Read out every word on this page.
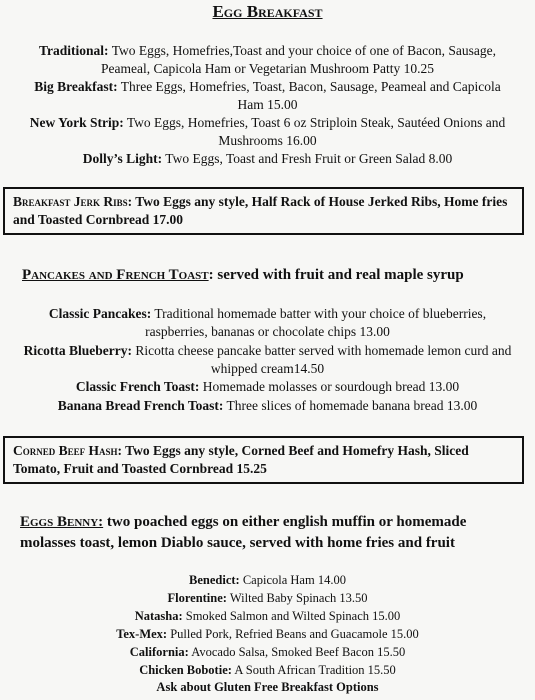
Egg Breakfast
Traditional: Two Eggs, Homefries,Toast and your choice of one of Bacon, Sausage, Peameal, Capicola Ham or Vegetarian Mushroom Patty 10.25
Big Breakfast: Three Eggs, Homefries, Toast, Bacon, Sausage, Peameal and Capicola Ham 15.00
New York Strip: Two Eggs, Homefries, Toast 6 oz Striploin Steak, Sautéed Onions and Mushrooms 16.00
Dolly’s Light: Two Eggs, Toast and Fresh Fruit or Green Salad 8.00
Breakfast Jerk Ribs: Two Eggs any style, Half Rack of House Jerked Ribs, Home fries and Toasted Cornbread 17.00
Pancakes and French Toast: served with fruit and real maple syrup
Classic Pancakes: Traditional homemade batter with your choice of blueberries, raspberries, bananas or chocolate chips 13.00
Ricotta Blueberry: Ricotta cheese pancake batter served with homemade lemon curd and whipped cream14.50
Classic French Toast: Homemade molasses or sourdough bread 13.00
Banana Bread French Toast: Three slices of homemade banana bread 13.00
Corned Beef Hash: Two Eggs any style, Corned Beef and Homefry Hash, Sliced Tomato, Fruit and Toasted Cornbread 15.25
Eggs Benny: two poached eggs on either english muffin or homemade molasses toast, lemon Diablo sauce, served with home fries and fruit
Benedict: Capicola Ham 14.00
Florentine: Wilted Baby Spinach 13.50
Natasha: Smoked Salmon and Wilted Spinach 15.00
Tex-Mex: Pulled Pork, Refried Beans and Guacamole 15.00
California: Avocado Salsa, Smoked Beef Bacon 15.50
Chicken Bobotie: A South African Tradition 15.50
Ask about Gluten Free Breakfast Options
